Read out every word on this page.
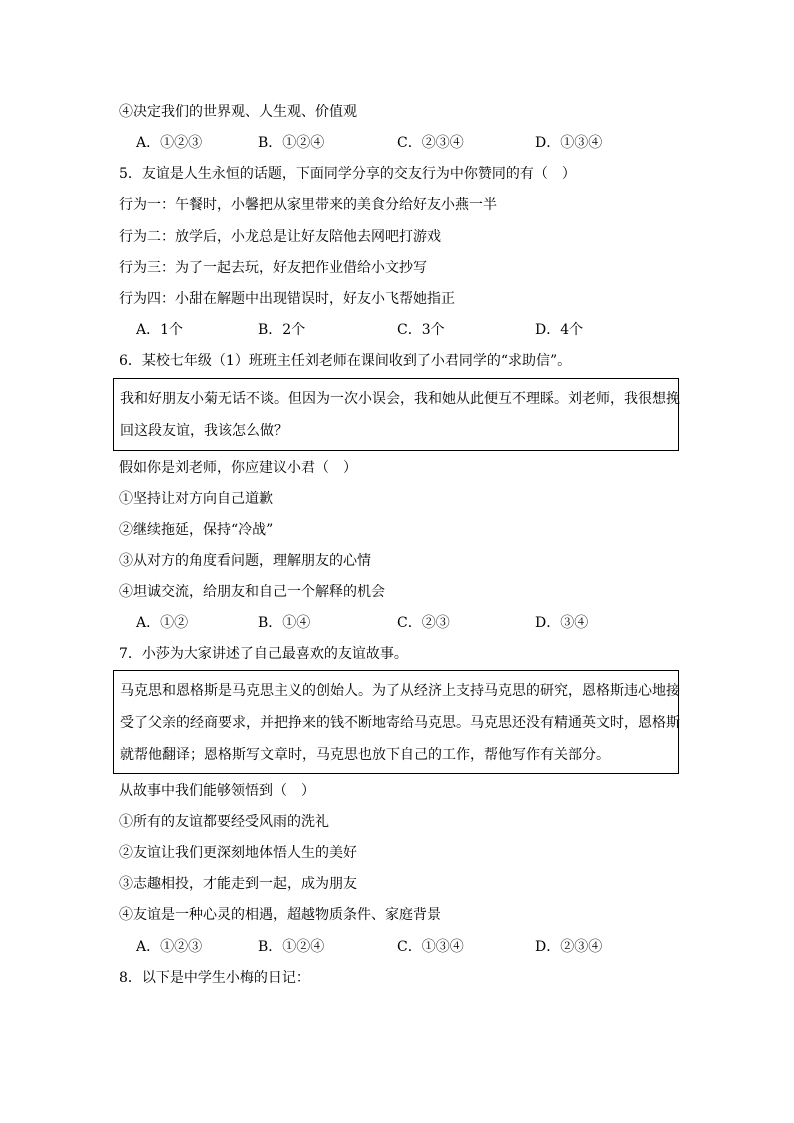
④决定我们的世界观、人生观、价值观
A．①②③	B．①②④	C．②③④	D．①③④
5．友谊是人生永恒的话题，下面同学分享的交友行为中你赞同的有（　）
行为一：午餐时，小馨把从家里带来的美食分给好友小燕一半
行为二：放学后，小龙总是让好友陪他去网吧打游戏
行为三：为了一起去玩，好友把作业借给小文抄写
行为四：小甜在解题中出现错误时，好友小飞帮她指正
A．1个	B．2个	C．3个	D．4个
6．某校七年级（1）班班主任刘老师在课间收到了小君同学的“求助信”。
我和好朋友小菊无话不谈。但因为一次小误会，我和她从此便互不理睬。刘老师，我很想挽
回这段友谊，我该怎么做？
假如你是刘老师，你应建议小君（　）
①坚持让对方向自己道歉
②继续拖延，保持“冷战”
③从对方的角度看问题，理解朋友的心情
④坦诚交流，给朋友和自己一个解释的机会
A．①②	B．①④	C．②③	D．③④
7．小莎为大家讲述了自己最喜欢的友谊故事。
马克思和恩格斯是马克思主义的创始人。为了从经济上支持马克思的研究，恩格斯违心地接
受了父亲的经商要求，并把挣来的钱不断地寄给马克思。马克思还没有精通英文时，恩格斯
就帮他翻译；恩格斯写文章时，马克思也放下自己的工作，帮他写作有关部分。
从故事中我们能够领悟到（　）
①所有的友谊都要经受风雨的洗礼
②友谊让我们更深刻地体悟人生的美好
③志趣相投，才能走到一起，成为朋友
④友谊是一种心灵的相遇，超越物质条件、家庭背景
A．①②③	B．①②④	C．①③④	D．②③④
8．以下是中学生小梅的日记：
